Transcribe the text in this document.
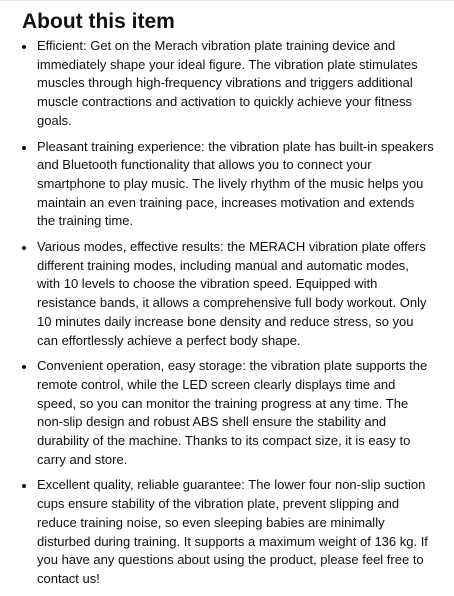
About this item
Efficient: Get on the Merach vibration plate training device and immediately shape your ideal figure. The vibration plate stimulates muscles through high-frequency vibrations and triggers additional muscle contractions and activation to quickly achieve your fitness goals.
Pleasant training experience: the vibration plate has built-in speakers and Bluetooth functionality that allows you to connect your smartphone to play music. The lively rhythm of the music helps you maintain an even training pace, increases motivation and extends the training time.
Various modes, effective results: the MERACH vibration plate offers different training modes, including manual and automatic modes, with 10 levels to choose the vibration speed. Equipped with resistance bands, it allows a comprehensive full body workout. Only 10 minutes daily increase bone density and reduce stress, so you can effortlessly achieve a perfect body shape.
Convenient operation, easy storage: the vibration plate supports the remote control, while the LED screen clearly displays time and speed, so you can monitor the training progress at any time. The non-slip design and robust ABS shell ensure the stability and durability of the machine. Thanks to its compact size, it is easy to carry and store.
Excellent quality, reliable guarantee: The lower four non-slip suction cups ensure stability of the vibration plate, prevent slipping and reduce training noise, so even sleeping babies are minimally disturbed during training. It supports a maximum weight of 136 kg. If you have any questions about using the product, please feel free to contact us!
